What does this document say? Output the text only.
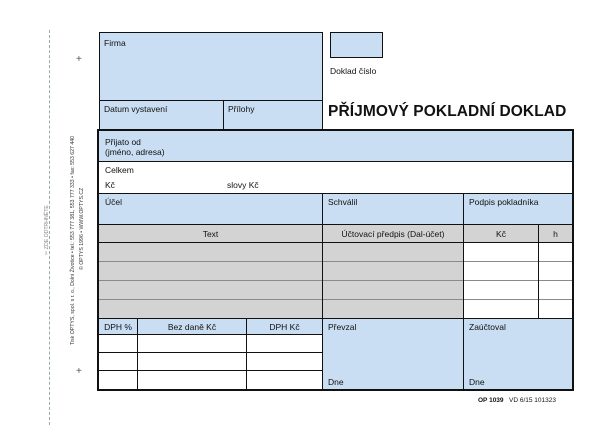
+
+
✂ ZDE ODTRHNĚTE	Tisk OPTYS, spol. s r. o., Dolní Životice • tel.: 553 777 381, 553 777 333 • fax: 553 627 440 © OPTYS 1996 • WWW.OPTYS.CZ
Doklad číslo
PŘÍJMOVÝ POKLADNÍ DOKLAD
Firma
Datum vystavení	Přílohy
Přijato od
(jméno, adresa)
Celkem
Kč	slovy Kč
Účel	Schválil	Podpis pokladníka
Text	Účtovací předpis (Dal-účet)	Kč	h
Převzal	Zaúčtoval
Dne	Dne
DPH %	Bez daně Kč	DPH Kč
OP 1039 VD 6/15 101323
